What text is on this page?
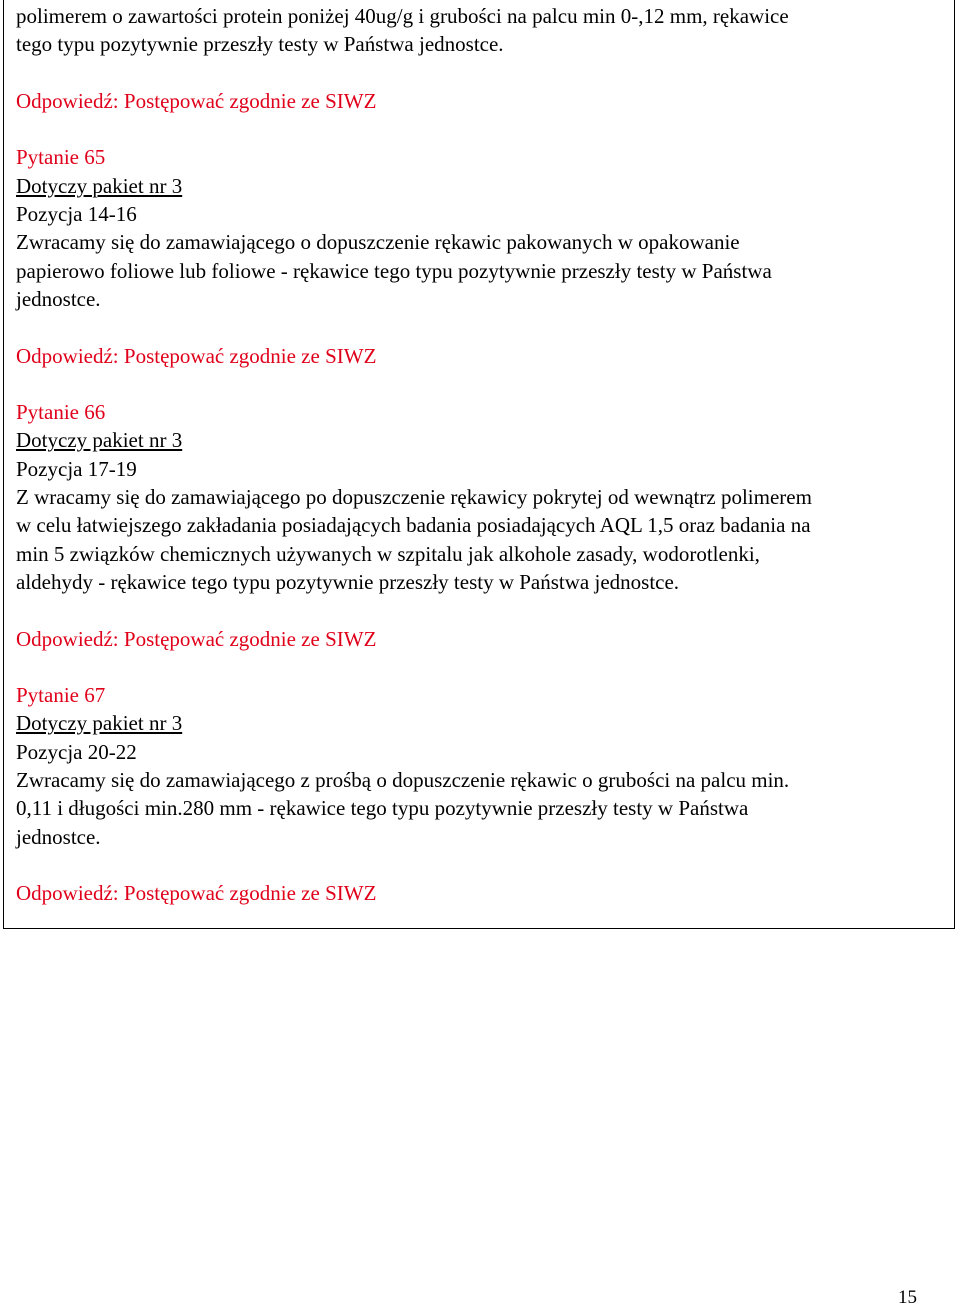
polimerem o zawartości protein poniżej 40ug/g i grubości na palcu min 0-,12 mm, rękawice

tego typu pozytywnie przeszły testy w Państwa jednostce.

Odpowiedź: Postępować zgodnie ze SIWZ

Pytanie 65

Dotyczy pakiet nr 3

Pozycja 14-16

Zwracamy się do zamawiającego o dopuszczenie rękawic pakowanych w opakowanie

papierowo foliowe lub foliowe - rękawice tego typu pozytywnie przeszły testy w Państwa

jednostce.

Odpowiedź: Postępować zgodnie ze SIWZ

Pytanie 66

Dotyczy pakiet nr 3

Pozycja 17-19

Z wracamy się do zamawiającego po dopuszczenie rękawicy pokrytej od wewnątrz polimerem

w celu łatwiejszego zakładania posiadających badania posiadających AQL 1,5 oraz badania na

min 5 związków chemicznych używanych w szpitalu jak alkohole zasady, wodorotlenki,

aldehydy - rękawice tego typu pozytywnie przeszły testy w Państwa jednostce.

Odpowiedź: Postępować zgodnie ze SIWZ

Pytanie 67

Dotyczy pakiet nr 3

Pozycja 20-22

Zwracamy się do zamawiającego z prośbą o dopuszczenie rękawic o grubości na palcu min.

0,11 i długości min.280 mm - rękawice tego typu pozytywnie przeszły testy w Państwa

jednostce.

Odpowiedź: Postępować zgodnie ze SIWZ

15
